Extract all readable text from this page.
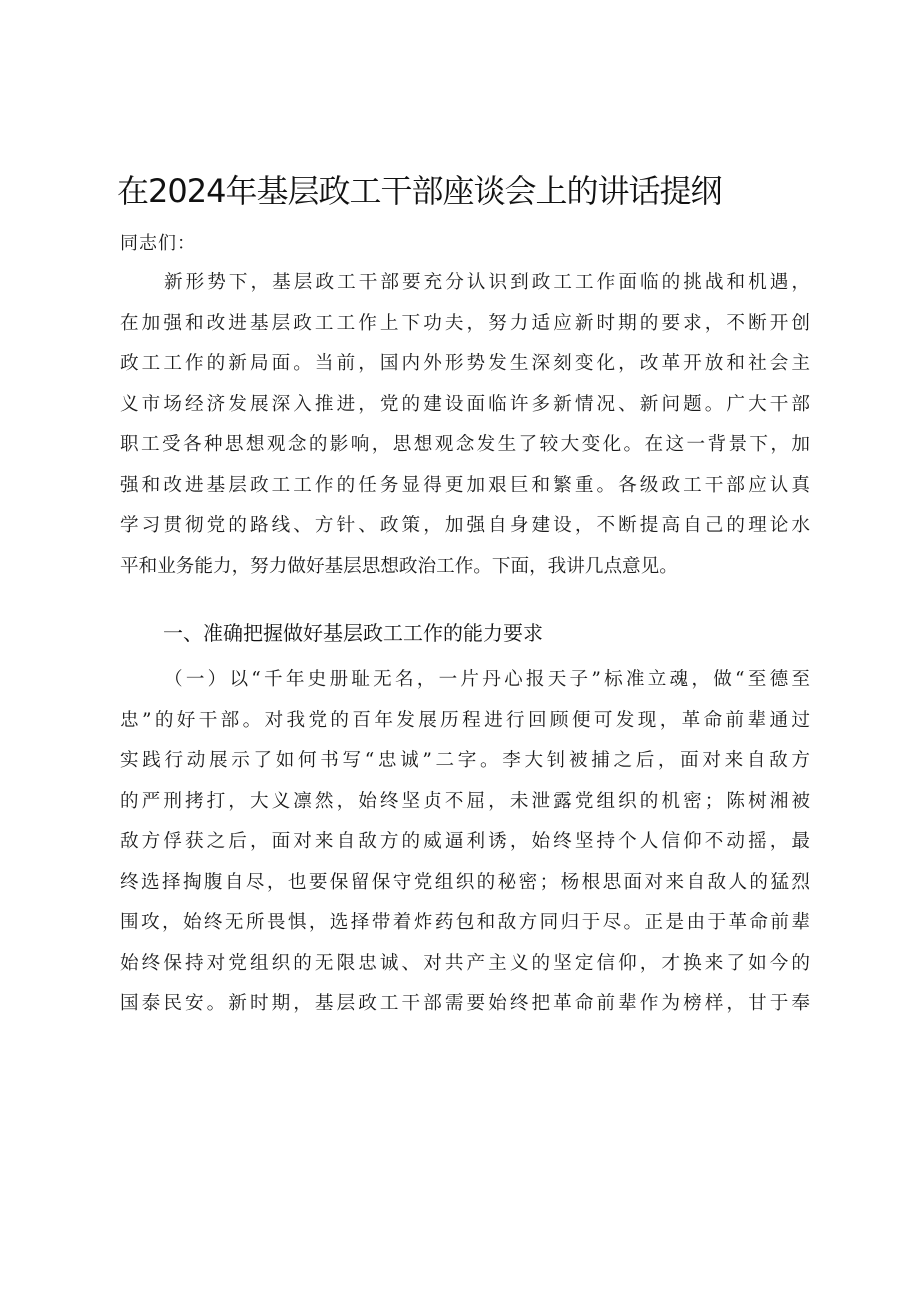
在2024年基层政工干部座谈会上的讲话提纲

同志们：

新形势下，基层政工干部要充分认识到政工工作面临的挑战和机遇，
在加强和改进基层政工工作上下功夫，努力适应新时期的要求，不断开创
政工工作的新局面。当前，国内外形势发生深刻变化，改革开放和社会主
义市场经济发展深入推进，党的建设面临许多新情况、新问题。广大干部
职工受各种思想观念的影响，思想观念发生了较大变化。在这一背景下，加
强和改进基层政工工作的任务显得更加艰巨和繁重。各级政工干部应认真
学习贯彻党的路线、方针、政策，加强自身建设，不断提高自己的理论水
平和业务能力，努力做好基层思想政治工作。下面，我讲几点意见。
一、准确把握做好基层政工工作的能力要求
（一）以“千年史册耻无名，一片丹心报天子”标准立魂，做“至德至
忠”的好干部。对我党的百年发展历程进行回顾便可发现，革命前辈通过
实践行动展示了如何书写“忠诚”二字。李大钊被捕之后，面对来自敌方
的严刑拷打，大义凛然，始终坚贞不屈，未泄露党组织的机密；陈树湘被
敌方俘获之后，面对来自敌方的威逼利诱，始终坚持个人信仰不动摇，最
终选择掏腹自尽，也要保留保守党组织的秘密；杨根思面对来自敌人的猛烈
围攻，始终无所畏惧，选择带着炸药包和敌方同归于尽。正是由于革命前辈
始终保持对党组织的无限忠诚、对共产主义的坚定信仰，才换来了如今的
国泰民安。新时期，基层政工干部需要始终把革命前辈作为榜样，甘于奉
